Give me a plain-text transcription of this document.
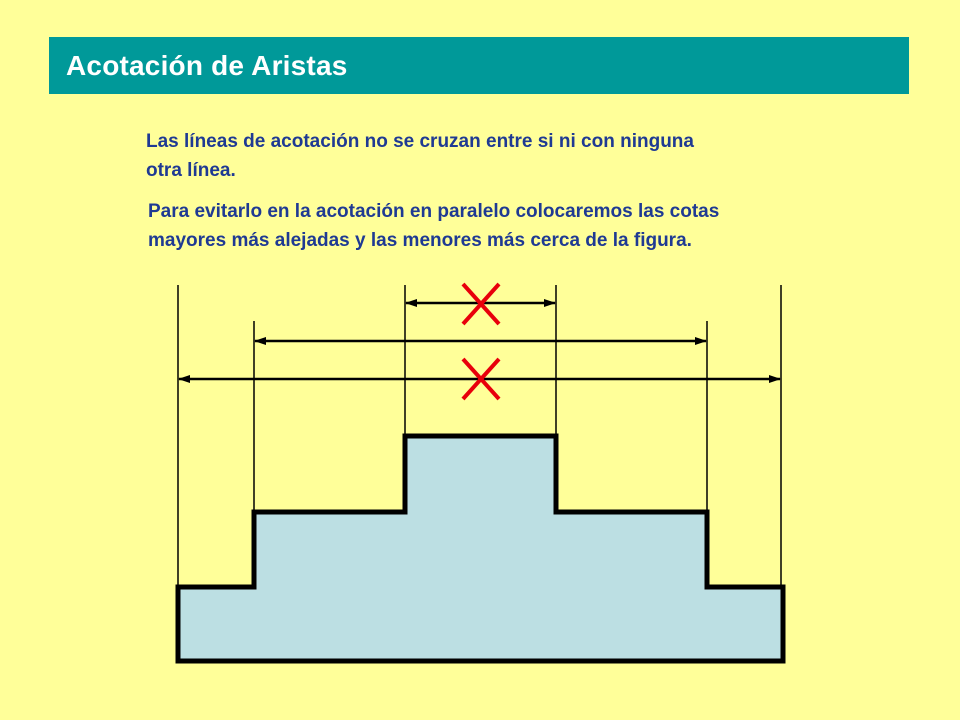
Acotación de Aristas

Las líneas de acotación no se cruzan entre si ni con ninguna
otra línea.

Para evitarlo en la acotación en paralelo colocaremos las cotas
mayores más alejadas y las menores más cerca de la figura.
